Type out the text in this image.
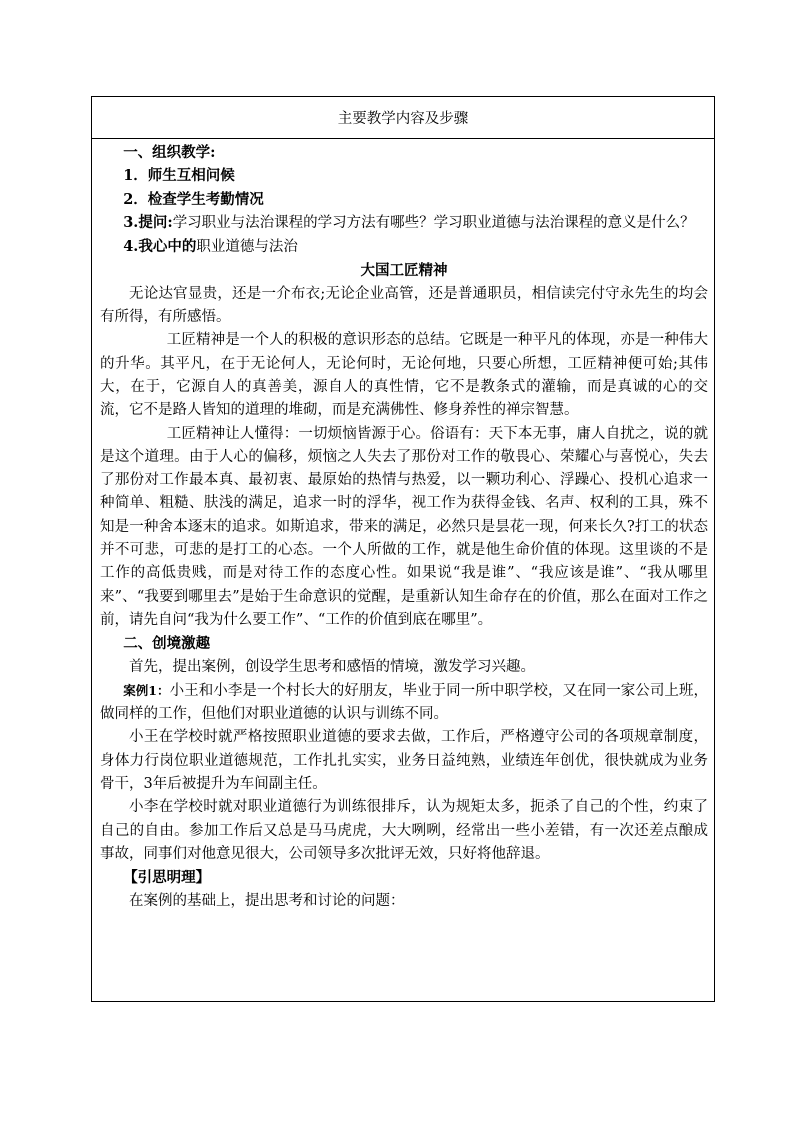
主要教学内容及步骤

一、组织教学:

1．师生互相问候

2．检查学生考勤情况

3.提问:学习职业与法治课程的学习方法有哪些？学习职业道德与法治课程的意义是什么？

4.我心中的职业道德与法治

大国工匠精神

无论达官显贵，还是一介布衣;无论企业高管，还是普通职员，相信读完付守永先生的均会有所得，有所感悟。

工匠精神是一个人的积极的意识形态的总结。它既是一种平凡的体现，亦是一种伟大的升华。其平凡，在于无论何人，无论何时，无论何地，只要心所想，工匠精神便可始;其伟大，在于，它源自人的真善美，源自人的真性情，它不是教条式的灌输，而是真诚的心的交流，它不是路人皆知的道理的堆砌，而是充满佛性、修身养性的禅宗智慧。

工匠精神让人懂得：一切烦恼皆源于心。俗语有：天下本无事，庸人自扰之，说的就是这个道理。由于人心的偏移，烦恼之人失去了那份对工作的敬畏心、荣耀心与喜悦心，失去了那份对工作最本真、最初衷、最原始的热情与热爱，以一颗功利心、浮躁心、投机心追求一种简单、粗糙、肤浅的满足，追求一时的浮华，视工作为获得金钱、名声、权利的工具，殊不知是一种舍本逐末的追求。如斯追求，带来的满足，必然只是昙花一现，何来长久?打工的状态并不可悲，可悲的是打工的心态。一个人所做的工作，就是他生命价值的体现。这里谈的不是工作的高低贵贱，而是对待工作的态度心性。如果说“我是谁”、“我应该是谁”、“我从哪里来”、“我要到哪里去”是始于生命意识的觉醒，是重新认知生命存在的价值，那么在面对工作之前，请先自问“我为什么要工作”、“工作的价值到底在哪里”。

二、创境激趣

首先，提出案例，创设学生思考和感悟的情境，激发学习兴趣。

案例1：小王和小李是一个村长大的好朋友，毕业于同一所中职学校，又在同一家公司上班，做同样的工作，但他们对职业道德的认识与训练不同。

小王在学校时就严格按照职业道德的要求去做，工作后，严格遵守公司的各项规章制度，身体力行岗位职业道德规范，工作扎扎实实，业务日益纯熟，业绩连年创优，很快就成为业务骨干，3年后被提升为车间副主任。

小李在学校时就对职业道德行为训练很排斥，认为规矩太多，扼杀了自己的个性，约束了自己的自由。参加工作后又总是马马虎虎，大大咧咧，经常出一些小差错，有一次还差点酿成事故，同事们对他意见很大，公司领导多次批评无效，只好将他辞退。

【引思明理】

在案例的基础上，提出思考和讨论的问题：
